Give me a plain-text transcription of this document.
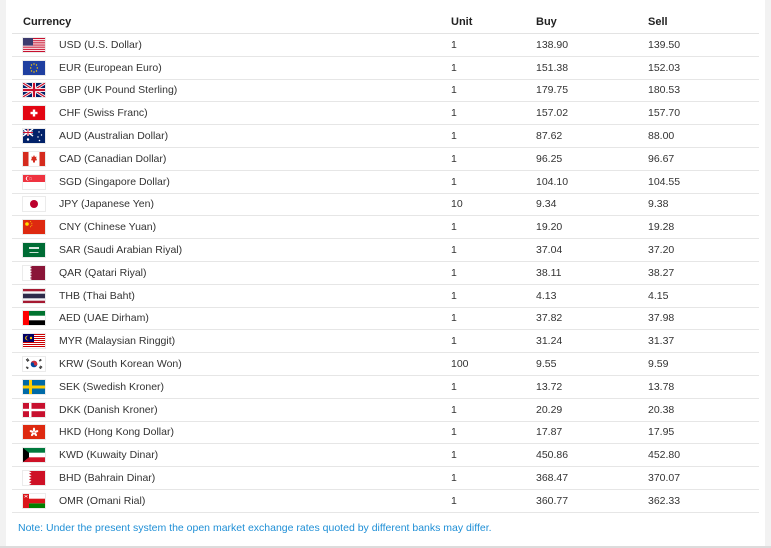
Currency		Unit	Buy	Sell

	USD (U.S. Dollar)	1	138.90	139.50

	EUR (European Euro)	1	151.38	152.03

	GBP (UK Pound Sterling)	1	179.75	180.53

	CHF (Swiss Franc)	1	157.02	157.70

	AUD (Australian Dollar)	1	87.62	88.00

	CAD (Canadian Dollar)	1	96.25	96.67

	SGD (Singapore Dollar)	1	104.10	104.55

	JPY (Japanese Yen)	10	9.34	9.38

	CNY (Chinese Yuan)	1	19.20	19.28

	SAR (Saudi Arabian Riyal)	1	37.04	37.20

	QAR (Qatari Riyal)	1	38.11	38.27

	THB (Thai Baht)	1	4.13	4.15

	AED (UAE Dirham)	1	37.82	37.98

	MYR (Malaysian Ringgit)	1	31.24	31.37

	KRW (South Korean Won)	100	9.55	9.59

	SEK (Swedish Kroner)	1	13.72	13.78

	DKK (Danish Kroner)	1	20.29	20.38

	HKD (Hong Kong Dollar)	1	17.87	17.95

	KWD (Kuwaity Dinar)	1	450.86	452.80

	BHD (Bahrain Dinar)	1	368.47	370.07

	OMR (Omani Rial)	1	360.77	362.33
Note: Under the present system the open market exchange rates quoted by different banks may differ.
